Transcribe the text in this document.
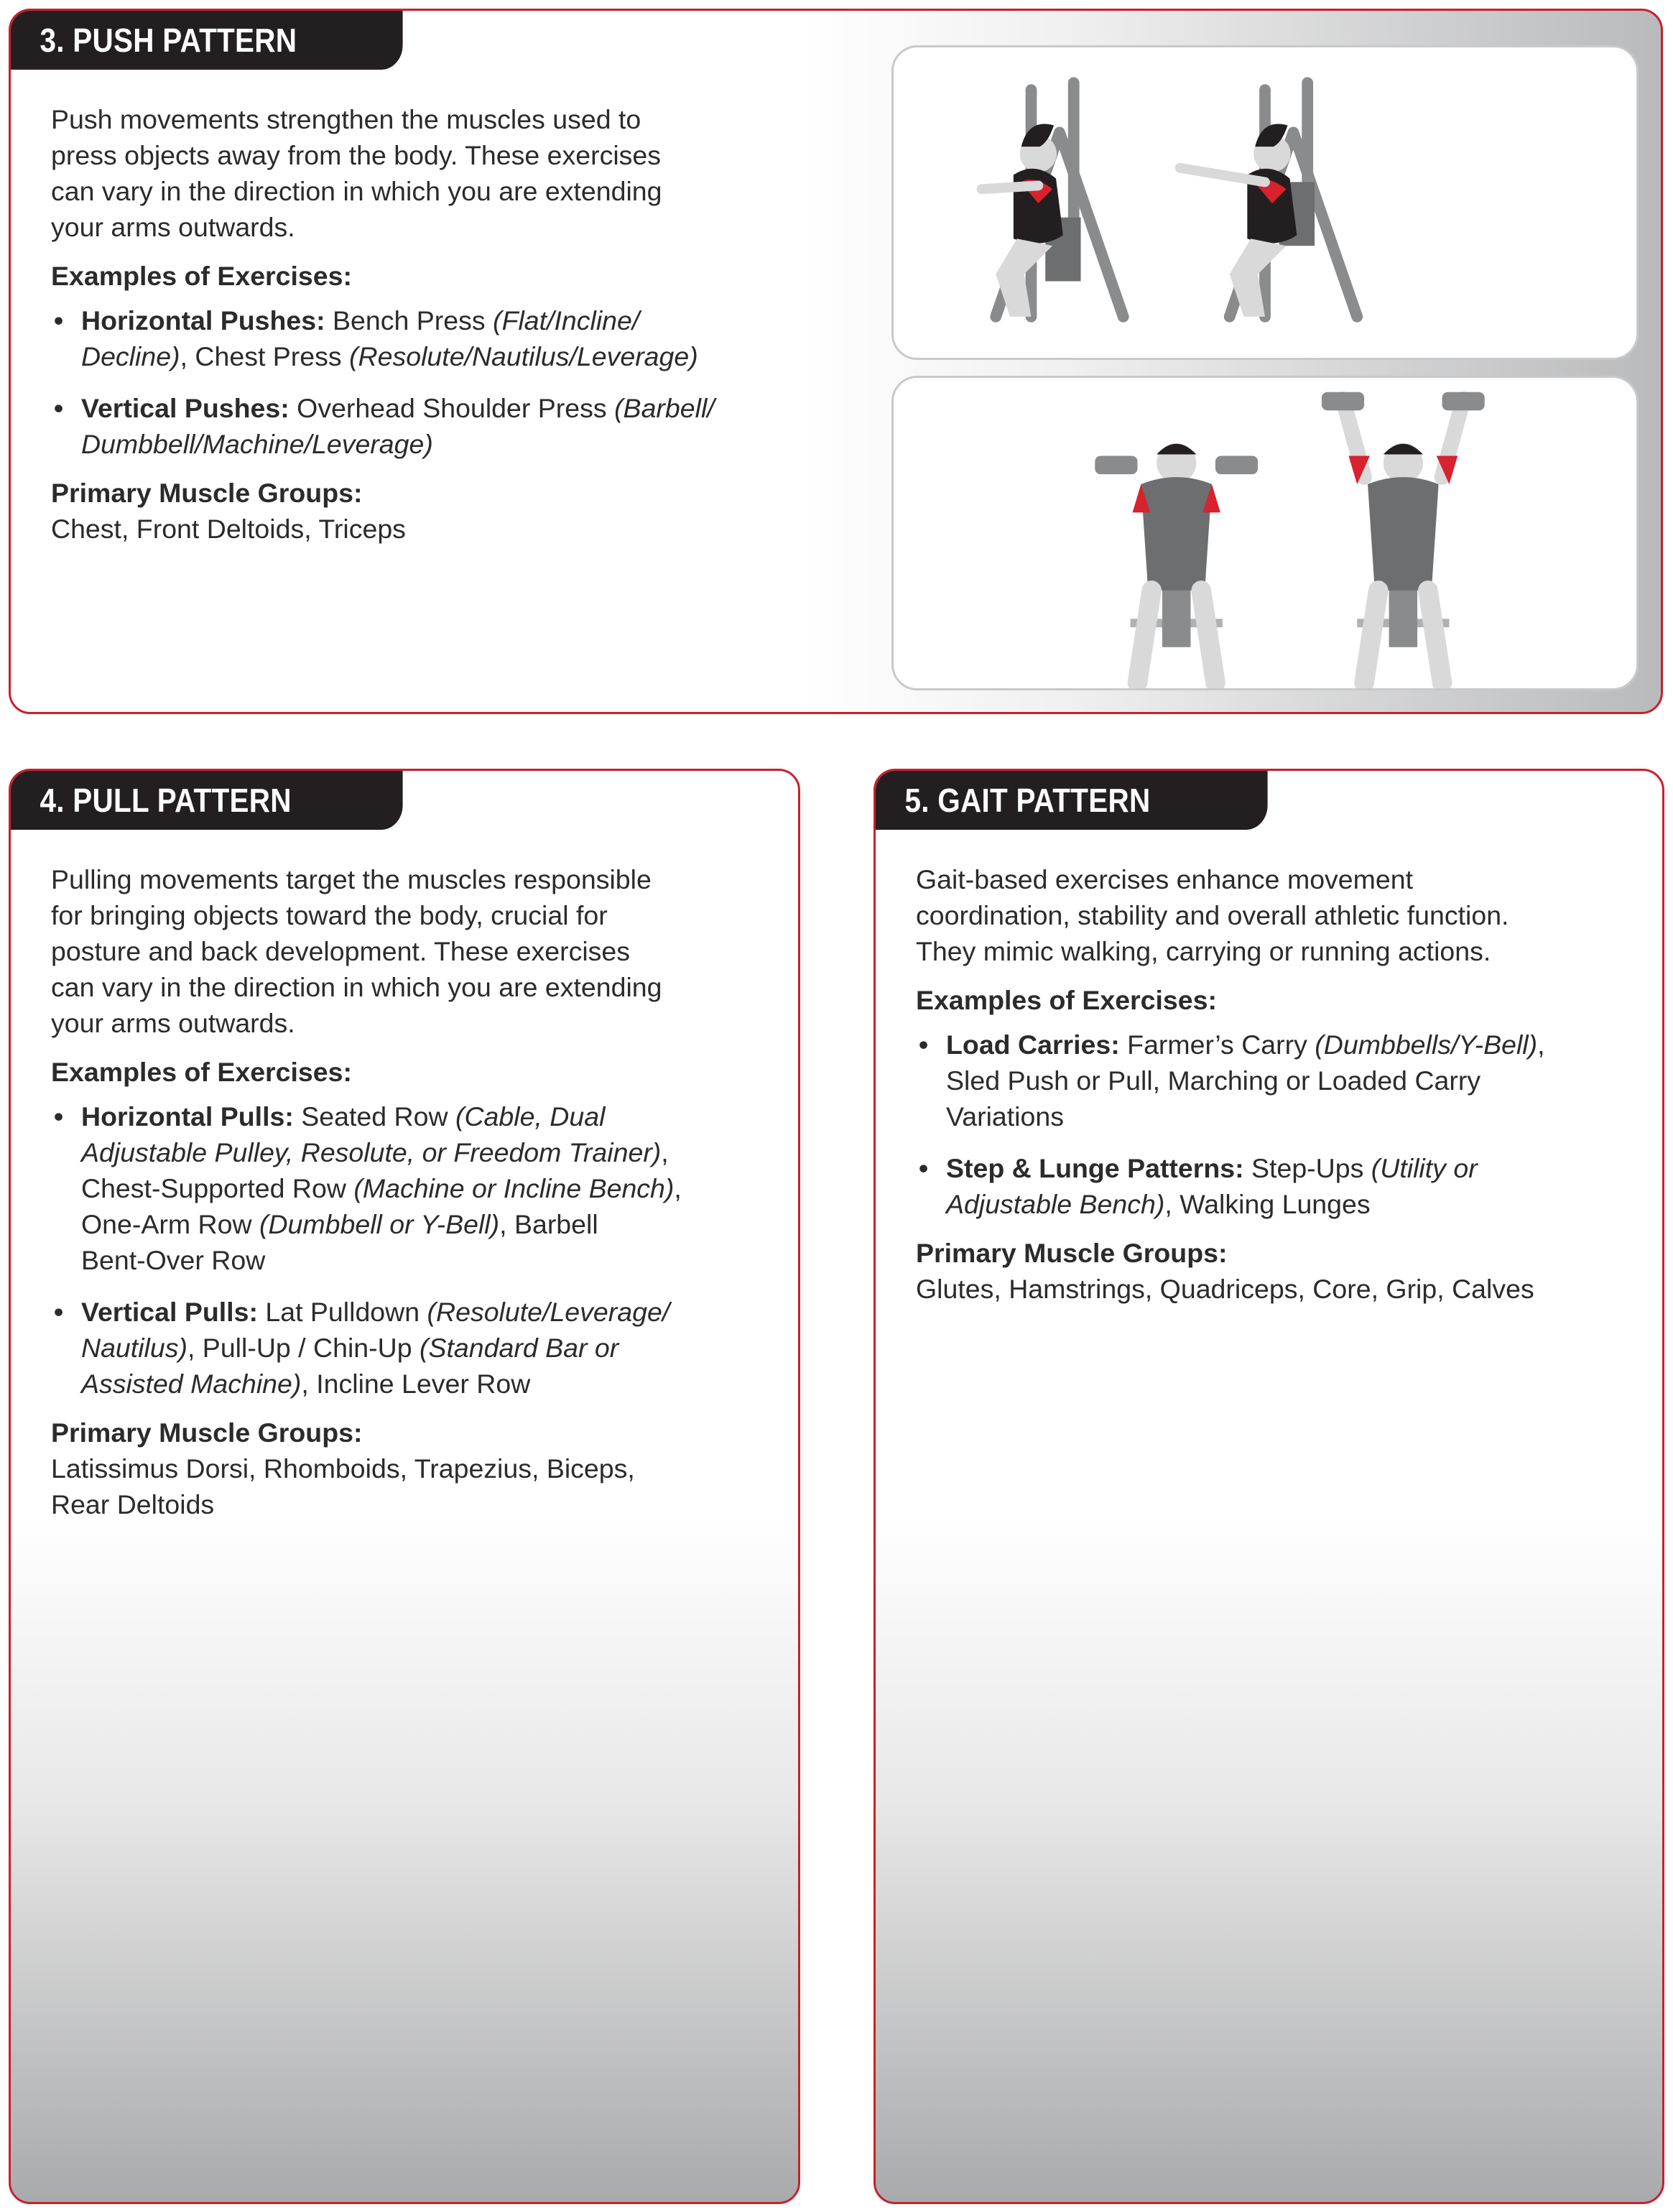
3. PUSH PATTERN

Push movements strengthen the muscles used to

press objects away from the body. These exercises

can vary in the direction in which you are extending

your arms outwards.

Examples of Exercises:

• Horizontal Pushes: Bench Press (Flat/Incline/
Decline), Chest Press (Resolute/Nautilus/Leverage)
• Vertical Pushes: Overhead Shoulder Press (Barbell/
Dumbbell/Machine/Leverage)

Primary Muscle Groups:

Chest, Front Deltoids, Triceps

4. PULL PATTERN

Pulling movements target the muscles responsible

for bringing objects toward the body, crucial for

posture and back development. These exercises

can vary in the direction in which you are extending

your arms outwards.

Examples of Exercises:

• Horizontal Pulls: Seated Row (Cable, Dual
Adjustable Pulley, Resolute, or Freedom Trainer),
Chest-Supported Row (Machine or Incline Bench),
One-Arm Row (Dumbbell or Y-Bell), Barbell
Bent-Over Row
• Vertical Pulls: Lat Pulldown (Resolute/Leverage/
Nautilus), Pull-Up / Chin-Up (Standard Bar or
Assisted Machine), Incline Lever Row

Primary Muscle Groups:

Latissimus Dorsi, Rhomboids, Trapezius, Biceps,

Rear Deltoids

5. GAIT PATTERN

Gait-based exercises enhance movement

coordination, stability and overall athletic function.

They mimic walking, carrying or running actions.

Examples of Exercises:

• Load Carries: Farmer’s Carry (Dumbbells/Y-Bell),
Sled Push or Pull, Marching or Loaded Carry
Variations
• Step & Lunge Patterns: Step-Ups (Utility or
Adjustable Bench), Walking Lunges

Primary Muscle Groups:

Glutes, Hamstrings, Quadriceps, Core, Grip, Calves
